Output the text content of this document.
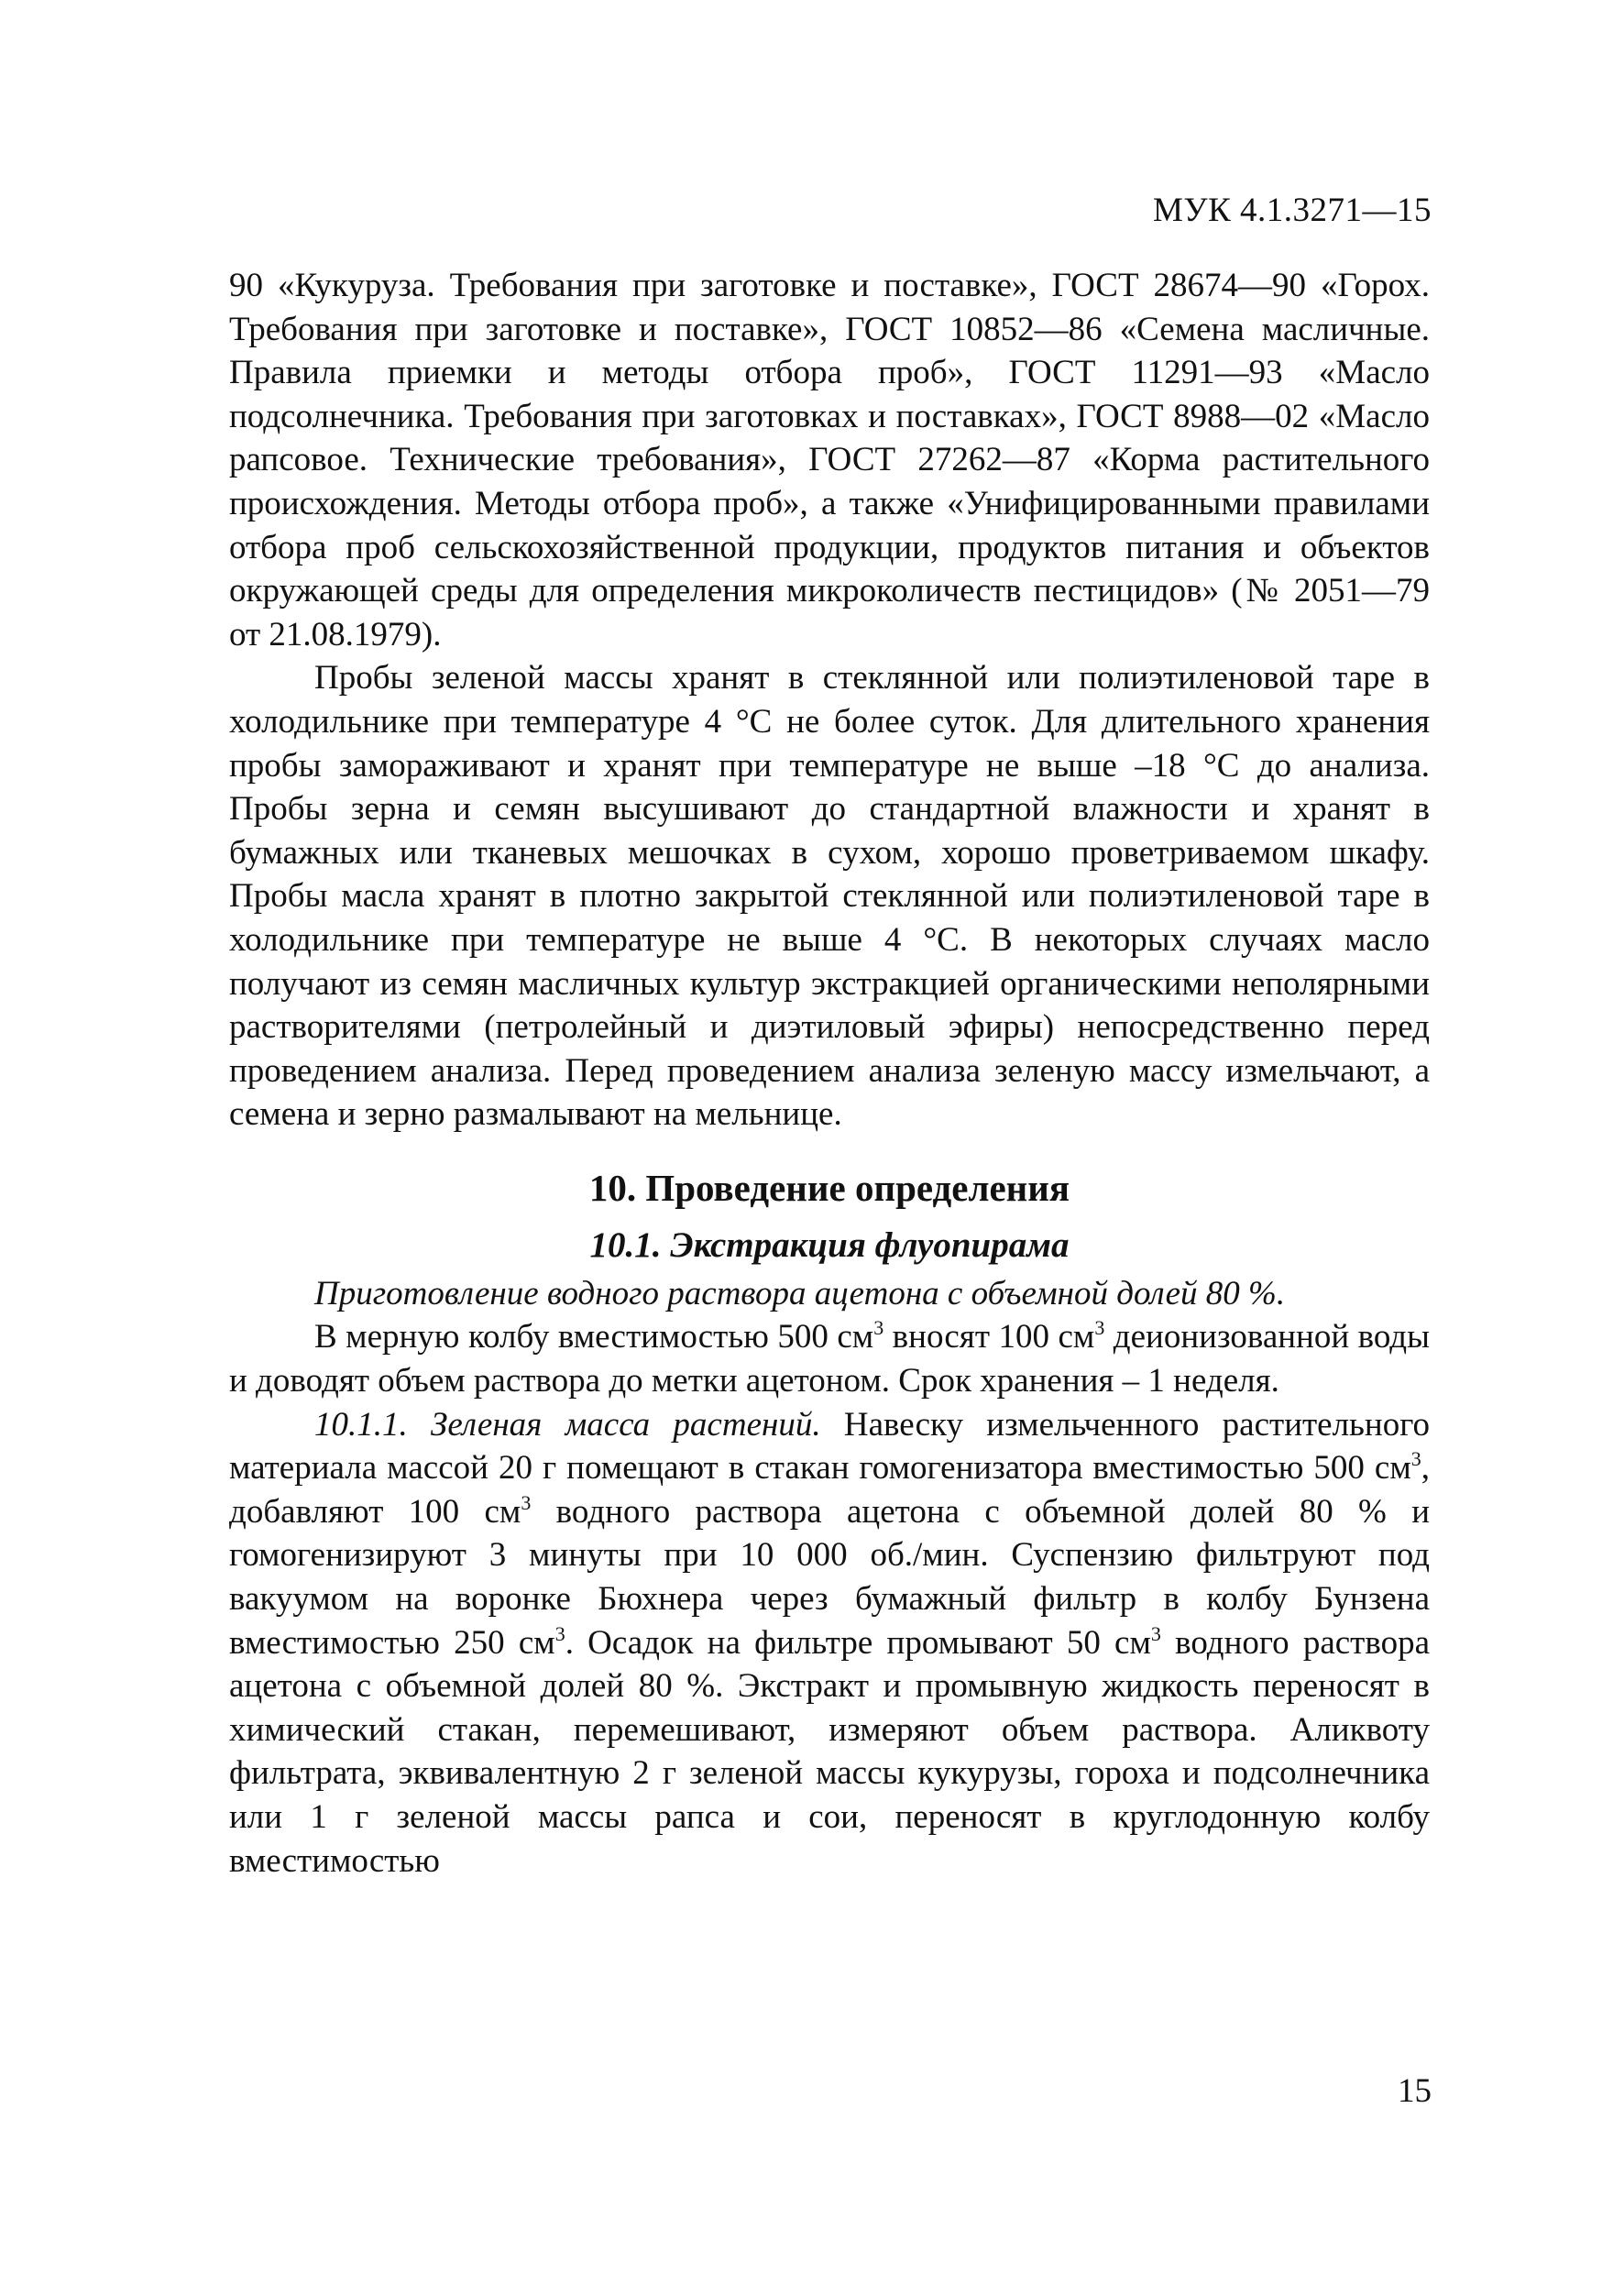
МУК 4.1.3271—15

90 «Кукуруза. Требования при заготовке и поставке», ГОСТ 28674—90 «Горох. Требования при заготовке и поставке», ГОСТ 10852—86 «Семена масличные. Правила приемки и методы отбора проб», ГОСТ 11291—93 «Масло подсолнечника. Требования при заготовках и поставках», ГОСТ 8988—02 «Масло рапсовое. Технические требования», ГОСТ 27262—87 «Корма растительного происхождения. Методы отбора проб», а также «Унифицированными правилами отбора проб сельскохозяйственной продукции, продуктов питания и объектов окружающей среды для определения микроколичеств пестицидов» (№ 2051—79 от 21.08.1979).

Пробы зеленой массы хранят в стеклянной или полиэтиленовой таре в холодильнике при температуре 4 °С не более суток. Для длительного хранения пробы замораживают и хранят при температуре не выше –18 °С до анализа. Пробы зерна и семян высушивают до стандартной влажности и хранят в бумажных или тканевых мешочках в сухом, хорошо проветриваемом шкафу. Пробы масла хранят в плотно закрытой стеклянной или полиэтиленовой таре в холодильнике при температуре не выше 4 °С. В некоторых случаях масло получают из семян масличных культур экстракцией органическими неполярными растворителями (петролейный и диэтиловый эфиры) непосредственно перед проведением анализа. Перед проведением анализа зеленую массу измельчают, а семена и зерно размалывают на мельнице.

10. Проведение определения
10.1. Экстракция флуопирама

Приготовление водного раствора ацетона с объемной долей 80 %.

В мерную колбу вместимостью 500 $см^3$ вносят 100 $см^3$ деионизованной воды и доводят объем раствора до метки ацетоном. Срок хранения – 1 неделя.

10.1.1. Зеленая масса растений. Навеску измельченного растительного материала массой 20 г помещают в стакан гомогенизатора вместимостью 500 $см^3$, добавляют 100 $см^3$ водного раствора ацетона с объемной долей 80 % и гомогенизируют 3 минуты при 10 000 об./мин. Суспензию фильтруют под вакуумом на воронке Бюхнера через бумажный фильтр в колбу Бунзена вместимостью 250 $см^3$. Осадок на фильтре промывают 50 $см^3$ водного раствора ацетона с объемной долей 80 %. Экстракт и промывную жидкость переносят в химический стакан, перемешивают, измеряют объем раствора. Аликвоту фильтрата, эквивалентную 2 г зеленой массы кукурузы, гороха и подсолнечника или 1 г зеленой массы рапса и сои, переносят в круглодонную колбу вместимостью

15
